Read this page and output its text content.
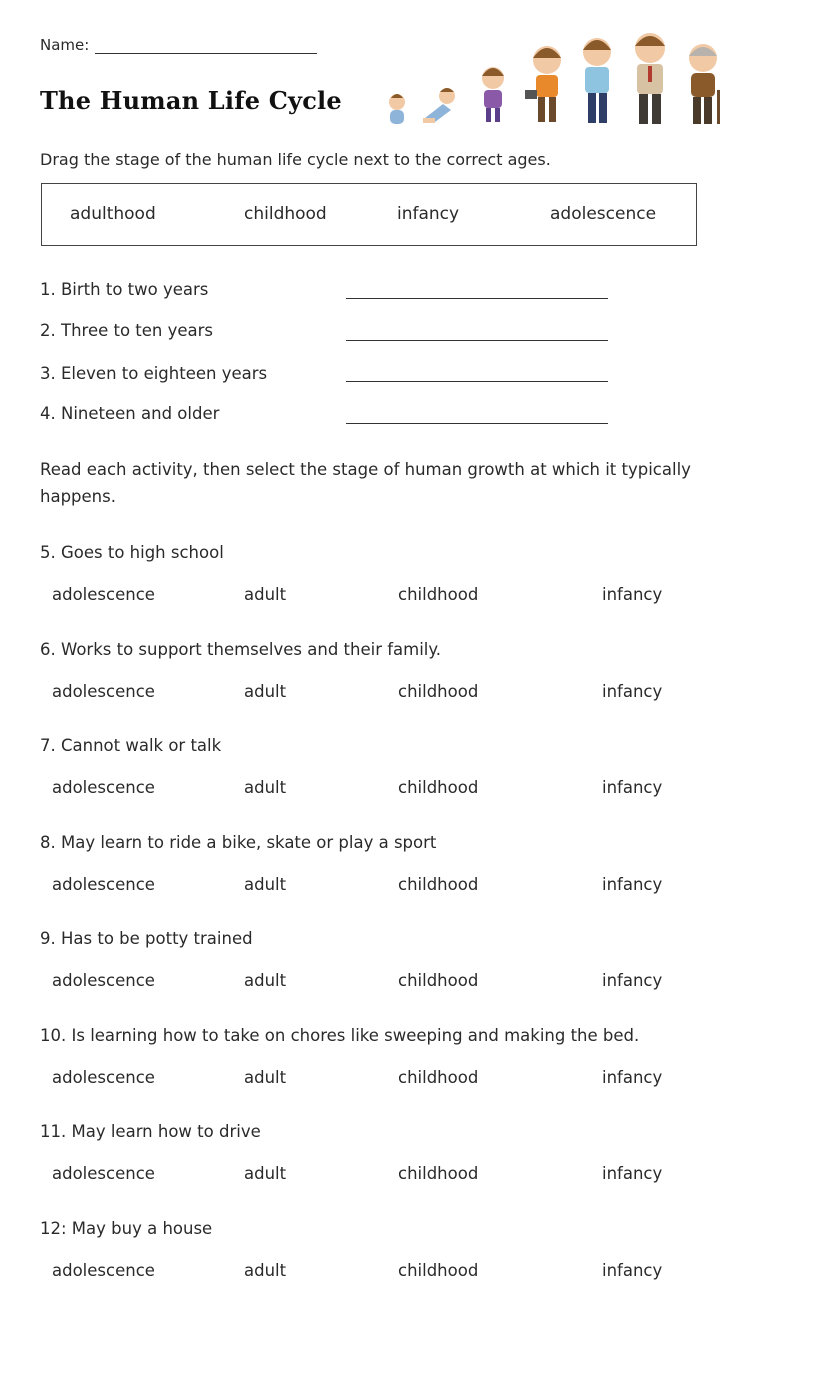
Name:
The Human Life Cycle
Drag the stage of the human life cycle next to the correct ages.
adulthood	childhood	infancy	adolescence
1. Birth to two years
2. Three to ten years
3. Eleven to eighteen years
4. Nineteen and older
Read each activity, then select the stage of human growth at which it typically happens.
5. Goes to high school
adolescence	adult	childhood	infancy
6. Works to support themselves and their family.
adolescence	adult	childhood	infancy
7. Cannot walk or talk
adolescence	adult	childhood	infancy
8. May learn to ride a bike, skate or play a sport
adolescence	adult	childhood	infancy
9. Has to be potty trained
adolescence	adult	childhood	infancy
10. Is learning how to take on chores like sweeping and making the bed.
adolescence	adult	childhood	infancy
11. May learn how to drive
adolescence	adult	childhood	infancy
12: May buy a house
adolescence	adult	childhood	infancy
